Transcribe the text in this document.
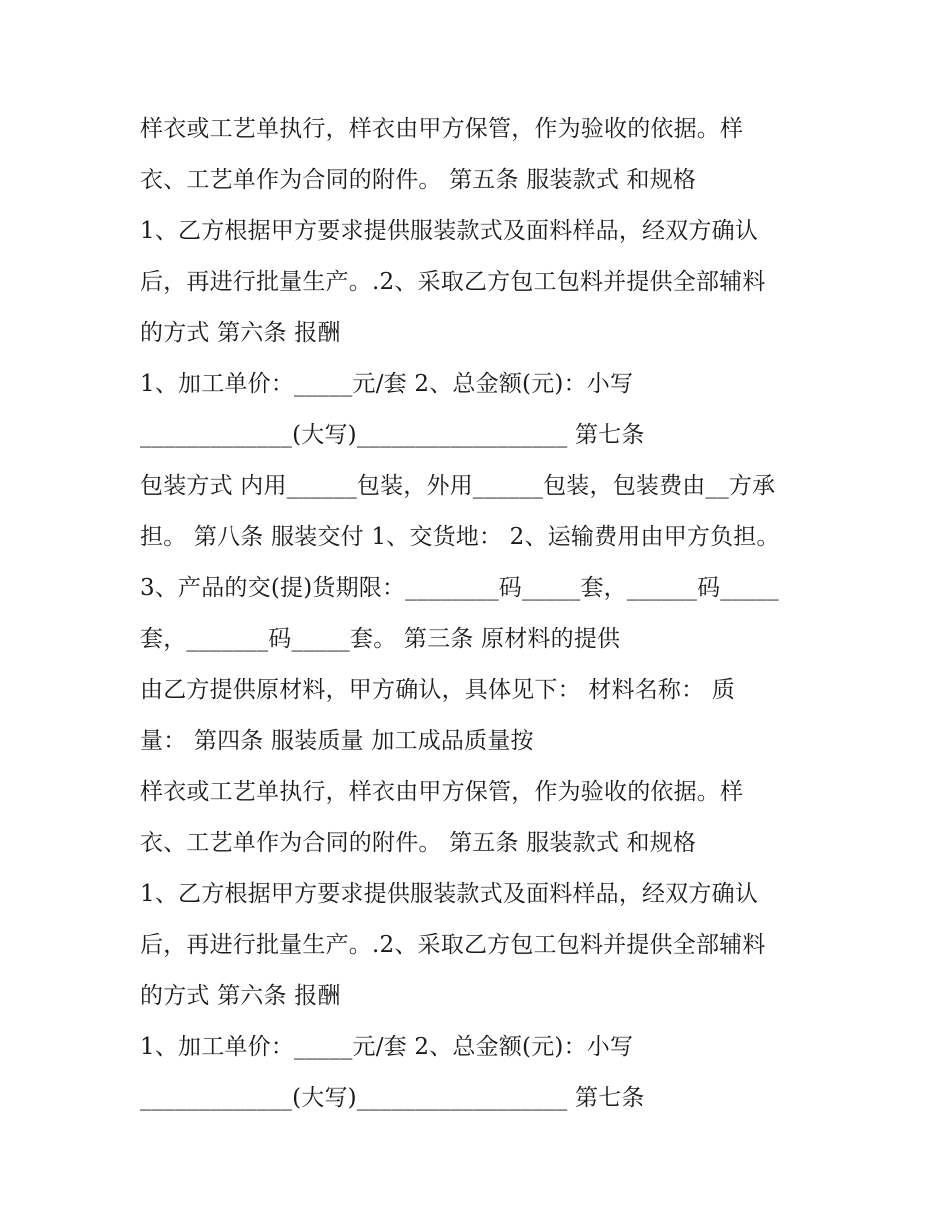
样衣或工艺单执行，样衣由甲方保管，作为验收的依据。样
衣、工艺单作为合同的附件。 第五条 服装款式 和规格
1、乙方根据甲方要求提供服装款式及面料样品，经双方确认
后，再进行批量生产。.2、采取乙方包工包料并提供全部辅料
的方式 第六条 报酬
1、加工单价：_____元/套 2、总金额(元)：小写
_____________(大写)__________________ 第七条
包装方式 内用______包装，外用______包装，包装费由__方承
担。 第八条 服装交付 1、交货地： 2、运输费用由甲方负担。
3、产品的交(提)货期限：________码_____套，______码_____
套，_______码_____套。 第三条 原材料的提供
由乙方提供原材料，甲方确认，具体见下： 材料名称： 质
量： 第四条 服装质量 加工成品质量按
样衣或工艺单执行，样衣由甲方保管，作为验收的依据。样
衣、工艺单作为合同的附件。 第五条 服装款式 和规格
1、乙方根据甲方要求提供服装款式及面料样品，经双方确认
后，再进行批量生产。.2、采取乙方包工包料并提供全部辅料
的方式 第六条 报酬
1、加工单价：_____元/套 2、总金额(元)：小写
_____________(大写)__________________ 第七条
